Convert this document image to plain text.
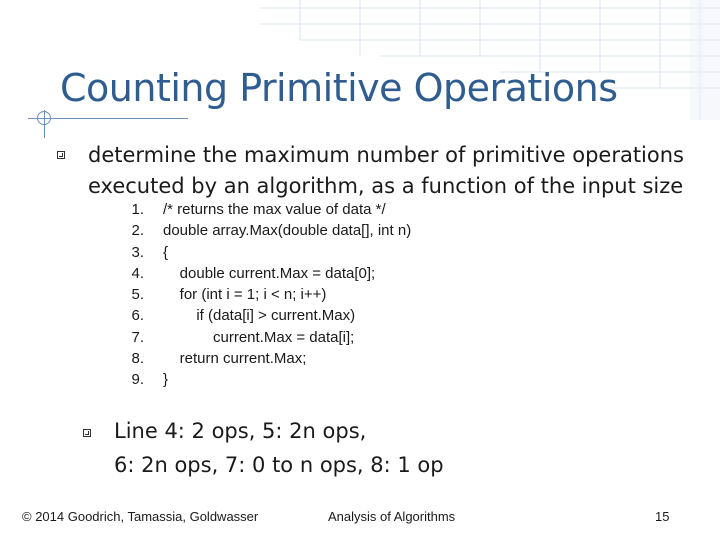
Counting Primitive Operations
determine the maximum number of primitive operations executed by an algorithm, as a function of the input size
1. /* returns the max value of data */
2. double array.Max(double data[], int n)
3. {
4. double current.Max = data[0];
5. for (int i = 1; i < n; i++)
6. if (data[i] > current.Max)
7. current.Max = data[i];
8. return current.Max;
9. }
Line 4: 2 ops, 5: 2n ops,
6: 2n ops, 7: 0 to n ops, 8: 1 op
© 2014 Goodrich, Tamassia, Goldwasser	Analysis of Algorithms	15
